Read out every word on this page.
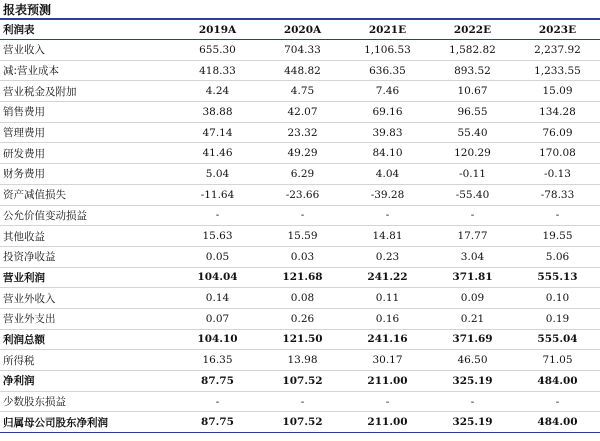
报表预测
利润表	2019A	2020A	2021E	2022E	2023E
营业收入	655.30	704.33	1,106.53	1,582.82	2,237.92
减:营业成本	418.33	448.82	636.35	893.52	1,233.55
营业税金及附加	4.24	4.75	7.46	10.67	15.09
销售费用	38.88	42.07	69.16	96.55	134.28
管理费用	47.14	23.32	39.83	55.40	76.09
研发费用	41.46	49.29	84.10	120.29	170.08
财务费用	5.04	6.29	4.04	-0.11	-0.13
资产减值损失	-11.64	-23.66	-39.28	-55.40	-78.33
公允价值变动损益	-	-	-	-	-
其他收益	15.63	15.59	14.81	17.77	19.55
投资净收益	0.05	0.03	0.23	3.04	5.06
营业利润	104.04	121.68	241.22	371.81	555.13
营业外收入	0.14	0.08	0.11	0.09	0.10
营业外支出	0.07	0.26	0.16	0.21	0.19
利润总额	104.10	121.50	241.16	371.69	555.04
所得税	16.35	13.98	30.17	46.50	71.05
净利润	87.75	107.52	211.00	325.19	484.00
少数股东损益	-	-	-	-	-
归属母公司股东净利润	87.75	107.52	211.00	325.19	484.00
